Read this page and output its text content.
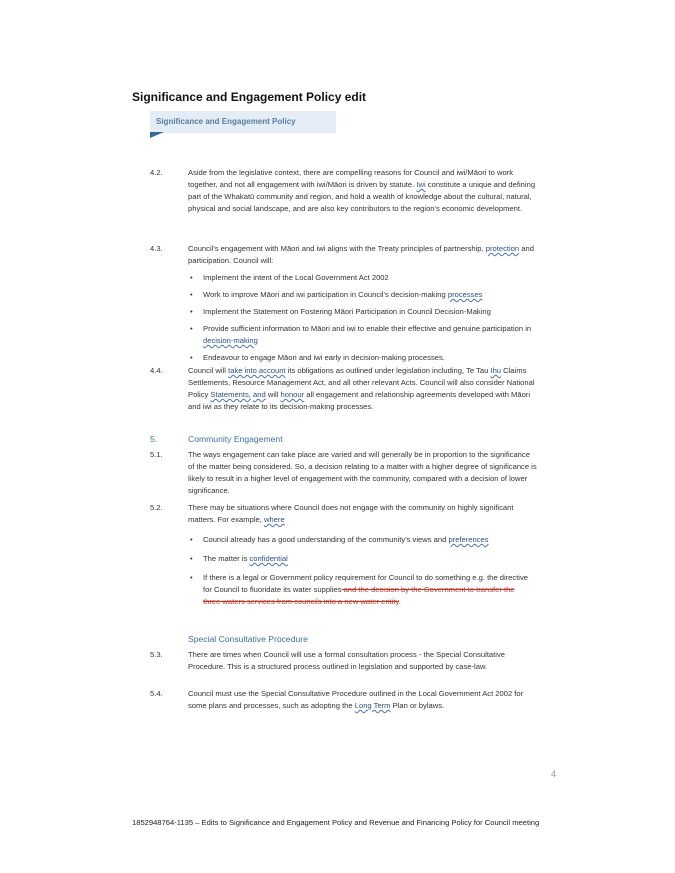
Significance and Engagement Policy edit
Significance and Engagement Policy
4.2.	Aside from the legislative context, there are compelling reasons for Council and iwi/Māori to work together, and not all engagement with iwi/Māori is driven by statute. Iwi constitute a unique and defining part of the Whakatū community and region, and hold a wealth of knowledge about the cultural, natural, physical and social landscape, and are also key contributors to the region's economic development.
4.3.	Council's engagement with Māori and iwi aligns with the Treaty principles of partnership, protection and participation. Council will:
• Implement the intent of the Local Government Act 2002
• Work to improve Māori and iwi participation in Council's decision-making processes
• Implement the Statement on Fostering Māori Participation in Council Decision-Making
• Provide sufficient information to Māori and iwi to enable their effective and genuine participation in decision-making
• Endeavour to engage Māori and iwi early in decision-making processes.
4.4.	Council will take into account its obligations as outlined under legislation including, Te Tau Ihu Claims Settlements, Resource Management Act, and all other relevant Acts. Council will also consider National Policy Statements, and will honour all engagement and relationship agreements developed with Māori and iwi as they relate to its decision-making processes.
5.	Community Engagement
5.1.	The ways engagement can take place are varied and will generally be in proportion to the significance of the matter being considered. So, a decision relating to a matter with a higher degree of significance is likely to result in a higher level of engagement with the community, compared with a decision of lower significance.
5.2.	There may be situations where Council does not engage with the community on highly significant matters. For example, where
• Council already has a good understanding of the community's views and preferences
• The matter is confidential
• If there is a legal or Government policy requirement for Council to do something e.g. the directive for Council to fluoridate its water supplies and the decision by the Government to transfer the three waters services from councils into a new water entity.
Special Consultative Procedure
5.3.	There are times when Council will use a formal consultation process - the Special Consultative Procedure. This is a structured process outlined in legislation and supported by case-law.
5.4.	Council must use the Special Consultative Procedure outlined in the Local Government Act 2002 for some plans and processes, such as adopting the Long Term Plan or bylaws.
4
1852948764-1135 – Edits to Significance and Engagement Policy and Revenue and Financing Policy for Council meeting
